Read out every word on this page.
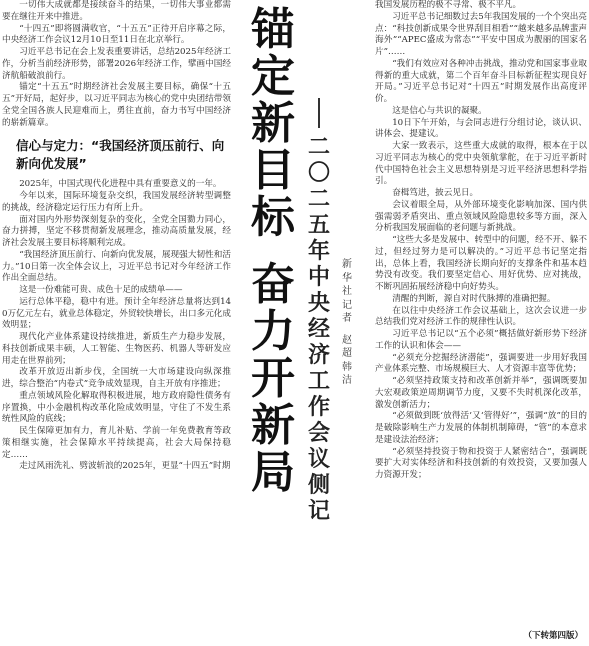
一切伟大成就都是接续奋斗的结果，一切伟大事业都需要在继往开来中推进。

“十四五”即将圆满收官，“十五五”正待开启序幕之际，中央经济工作会议12月10日至11日在北京举行。

习近平总书记在会上发表重要讲话，总结2025年经济工作，分析当前经济形势，部署2026年经济工作，擘画中国经济航船破浪前行。

锚定“十五五”时期经济社会发展主要目标，确保“十五五”开好局，起好步，以习近平同志为核心的党中央团结带领全党全国各族人民迎难而上，勇往直前，奋力书写中国经济的崭新篇章。

信心与定力：“我国经济顶压前行、向新向优发展”

2025年，中国式现代化进程中具有重要意义的一年。

今年以来，国际环境复杂交织，我国发展经济转型调整的挑战，经济稳定运行压力有所上升。

面对国内外形势深刻复杂的变化，全党全国勠力同心，奋力拼搏，坚定不移贯彻新发展理念，推动高质量发展，经济社会发展主要目标将顺利完成。

“我国经济顶压前行、向新向优发展，展现强大韧性和活力。”10日第一次全体会议上，习近平总书记对今年经济工作作出全面总结。

这是一份难能可贵、成色十足的成绩单——

运行总体平稳，稳中有进。预计全年经济总量将达到140万亿元左右，就业总体稳定，外贸较快增长，出口多元化成效明显；

现代化产业体系建设持续推进，新质生产力稳步发展，科技创新成果丰硕，人工智能、生物医药、机器人等研发应用走在世界前列；

改革开放迈出新步伐，全国统一大市场建设向纵深推进，综合整治“内卷式”竞争成效显现，自主开放有序推进；

重点领域风险化解取得积极进展，地方政府隐性债务有序置换，中小金融机构改革化险成效明显，守住了不发生系统性风险的底线；

民生保障更加有力，育儿补贴、学前一年免费教育等政策相继实施，社会保障水平持续提高，社会大局保持稳定……

走过风雨洗礼、劈波斩浪的2025年，更显“十四五”时期

锚定新目标
奋力开新局
二〇二五年中央经济工作会议侧记
新华社记者
赵超韩洁

我国发展历程的极不寻常、极不平凡。

习近平总书记细数过去5年我国发展的一个个突出亮点：“科技创新成果令世界刮目相看”“越来越多品牌蜚声海外”“APEC盛成为常态”“平安中国成为靓丽的国家名片”……

“我们有效应对各种冲击挑战，推动党和国家事业取得新的重大成就，第二个百年奋斗目标新征程实现良好开局。”习近平总书记对“十四五”时期发展作出高度评价。

这是信心与共识的凝聚。

10日下午开始，与会同志进行分组讨论，谈认识、讲体会、提建议。

大家一致表示，这些重大成就的取得，根本在于以习近平同志为核心的党中央领航掌舵，在于习近平新时代中国特色社会主义思想特别是习近平经济思想科学指引。

奋楫笃进，披云见日。

会议着眼全局，从外部环境变化影响加深、国内供强需弱矛盾突出、重点领域风险隐患较多等方面，深入分析我国发展面临的老问题与新挑战。

“这些大多是发展中、转型中的问题，经不开、躲不过，但经过努力是可以解决的。”习近平总书记坚定指出，总体上看，我国经济长期向好的支撑条件和基本趋势没有改变。我们要坚定信心、用好优势、应对挑战，不断巩固拓展经济稳中向好势头。

清醒的判断，源自对时代脉搏的准确把握。

在以往中央经济工作会议基础上，这次会议进一步总结我们党对经济工作的规律性认识。

习近平总书记以“五个必须”概括做好新形势下经济工作的认识和体会——

“必须充分挖掘经济潜能”，强调要进一步用好我国产业体系完整、市场规模巨大、人才资源丰富等优势；

“必须坚持政策支持和改革创新并举”，强调既要加大宏观政策逆周期调节力度，又要不失时机深化改革，激发创新活力；

“必须做到既‘放得活’又‘管得好’”，强调“放”的目的是破除影响生产力发展的体制机制障碍，“管”的本意求是建设法治经济；

“必须坚持投资于物和投资于人紧密结合”，强调既要扩大对实体经济和科技创新的有效投资，又要加强人力资源开发；

（下转第四版）
